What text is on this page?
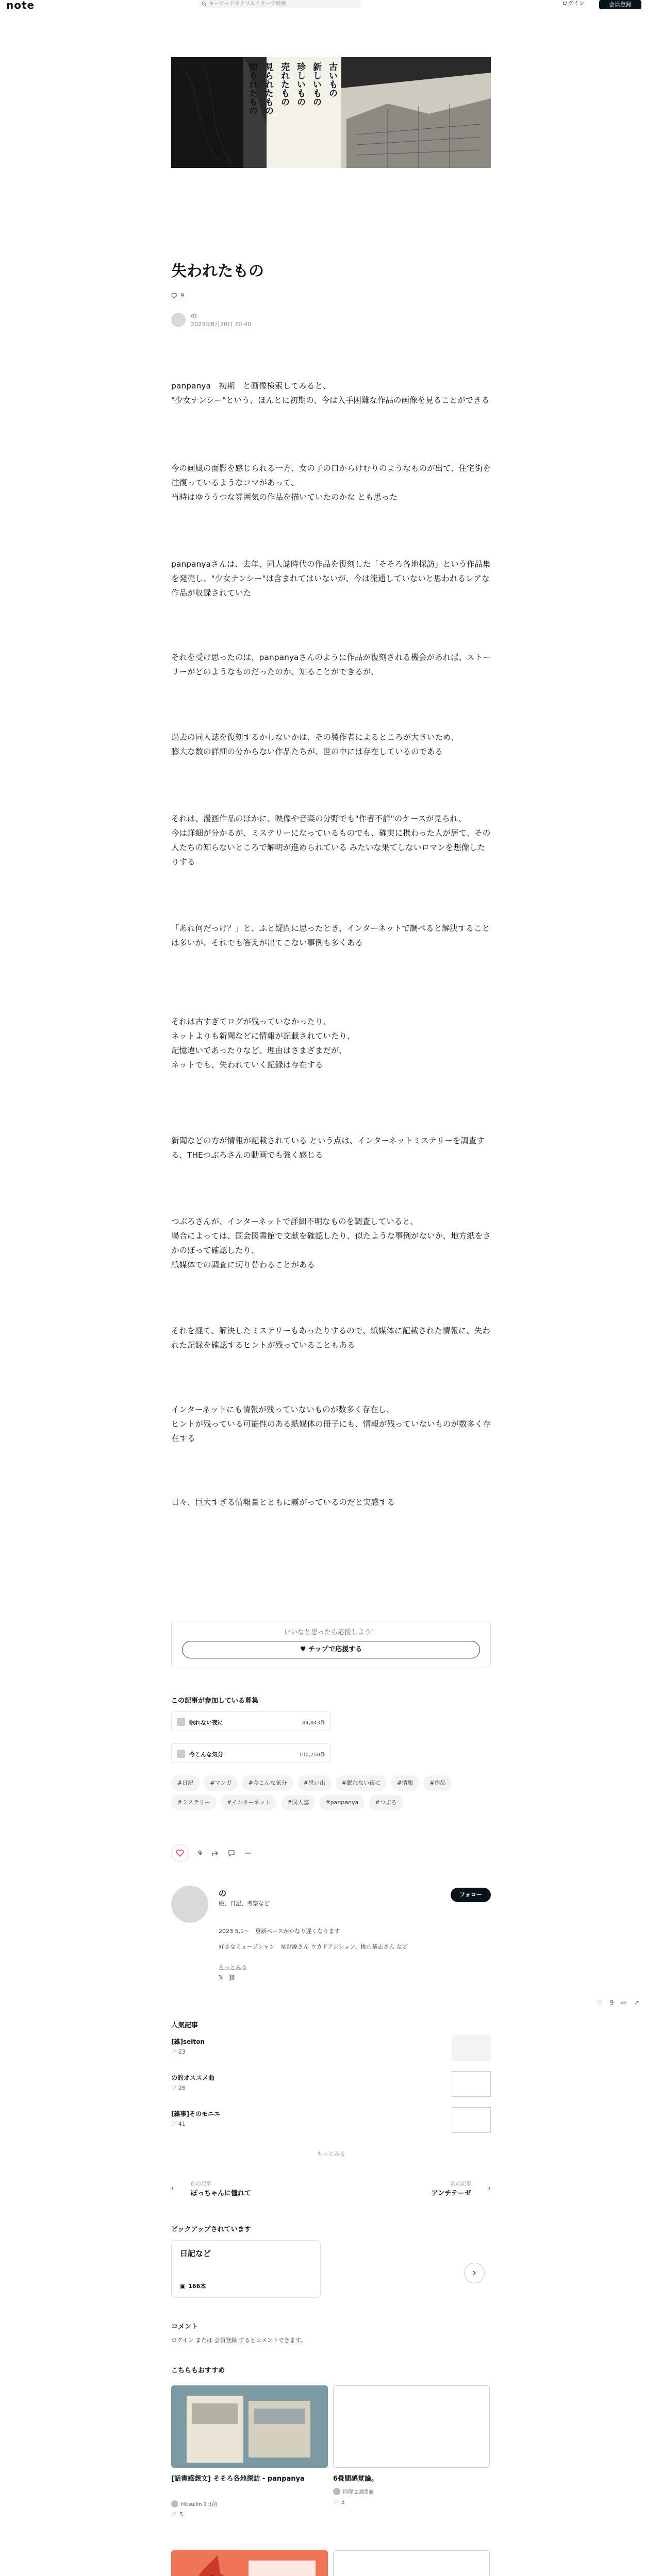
note	キーワードやクリエイターで検索	ログイン	会員登録
古いもの
新しいもの
珍しいもの
売れたもの
見られたもの
知られたもの
失われたもの
9
の
2023年8月20日 20:40

panpanya　初期　と画像検索してみると、
"少女ナンシー"という、ほんとに初期の、今は入手困難な作品の画像を見ることができる

今の画風の面影を感じられる一方、女の子の口からけむりのようなものが出て、住宅街を往復っているようなコマがあって、
当時はゆううつな雰囲気の作品を描いていたのかな とも思った

panpanyaさんは、去年、同人誌時代の作品を復刻した「そそろ各地探訪」という作品集を発売し、"少女ナンシー"は含まれてはいないが、今は流通していないと思われるレアな作品が収録されていた

それを受け思ったのは、panpanyaさんのように作品が復刻される機会があれば、ストーリーがどのようなものだったのか、知ることができるが、

過去の同人誌を復刻するかしないかは、その製作者によるところが大きいため、
膨大な数の詳細の分からない作品たちが、世の中には存在しているのである

それは、漫画作品のほかに、映像や音楽の分野でも"作者不詳"のケースが見られ、
今は詳細が分かるが、ミステリーになっているものでも、確実に携わった人が居て、その人たちの知らないところで解明が進められている みたいな果てしないロマンを想像したりする

「あれ何だっけ？」と、ふと疑問に思ったとき、インターネットで調べると解決することは多いが、それでも答えが出てこない事例も多くある

それは古すぎてログが残っていなかったり、
ネットよりも新聞などに情報が記載されていたり、
記憶違いであったりなど、理由はさまざまだが、
ネットでも、失われていく記録は存在する

新聞などの方が情報が記載されている という点は、インターネットミステリーを調査する、THEつぶろさんの動画でも強く感じる

つぶろさんが、インターネットで詳細不明なものを調査していると、
場合によっては、国会図書館で文献を確認したり、似たような事例がないか、地方紙をさかのぼって確認したり、
紙媒体での調査に切り替わることがある

それを経て、解決したミステリーもあったりするので、紙媒体に記載された情報に、失われた記録を確認するヒントが残っていることもある

インターネットにも情報が残っていないものが数多く存在し、
ヒントが残っている可能性のある紙媒体の冊子にも、情報が残っていないものが数多く存在する

日々、巨大すぎる情報量とともに霧がっているのだと実感する

いいなと思ったら応援しよう！
♥ チップで応援する
この記事が参加している募集
眠れない夜に	84,843件
今こんな気分	100,750件
#日記	#マンガ	#今こんな気分	#思い出	#眠れない夜に	#情報	#作品
#ミステリー	#インターネット	#同人誌	#panpanya	#つぶろ
9
の
絵、日記、考察など
フォロー
2023 5,1〜　更新ペースがかなり遅くなります
好きなミュージシャン　星野源さん ウカドアジション、桃山基志さん など
もっとみる
𝕏 ⛓
♡ 9 ▭ ↗
人気記事
[雑]seiton
♡ 23
の的オススメ曲
♡ 26
[雑事]そのモニエ
♡ 41
もっとみる
‹
前の記事
ぽっちゃんに憧れて
次の記事
アンチテーゼ
›
ピックアップされています
日記など
▣ 166本
コメント
ログイン または 会員登録 するとコメントできます。
こちらもおすすめ
[話書感想文] そそろ各地探訪 - panpanya
Hitsuilin 1日前
♡ 5
6畳間感覚論。
阿保 2週間前
♡ 5
